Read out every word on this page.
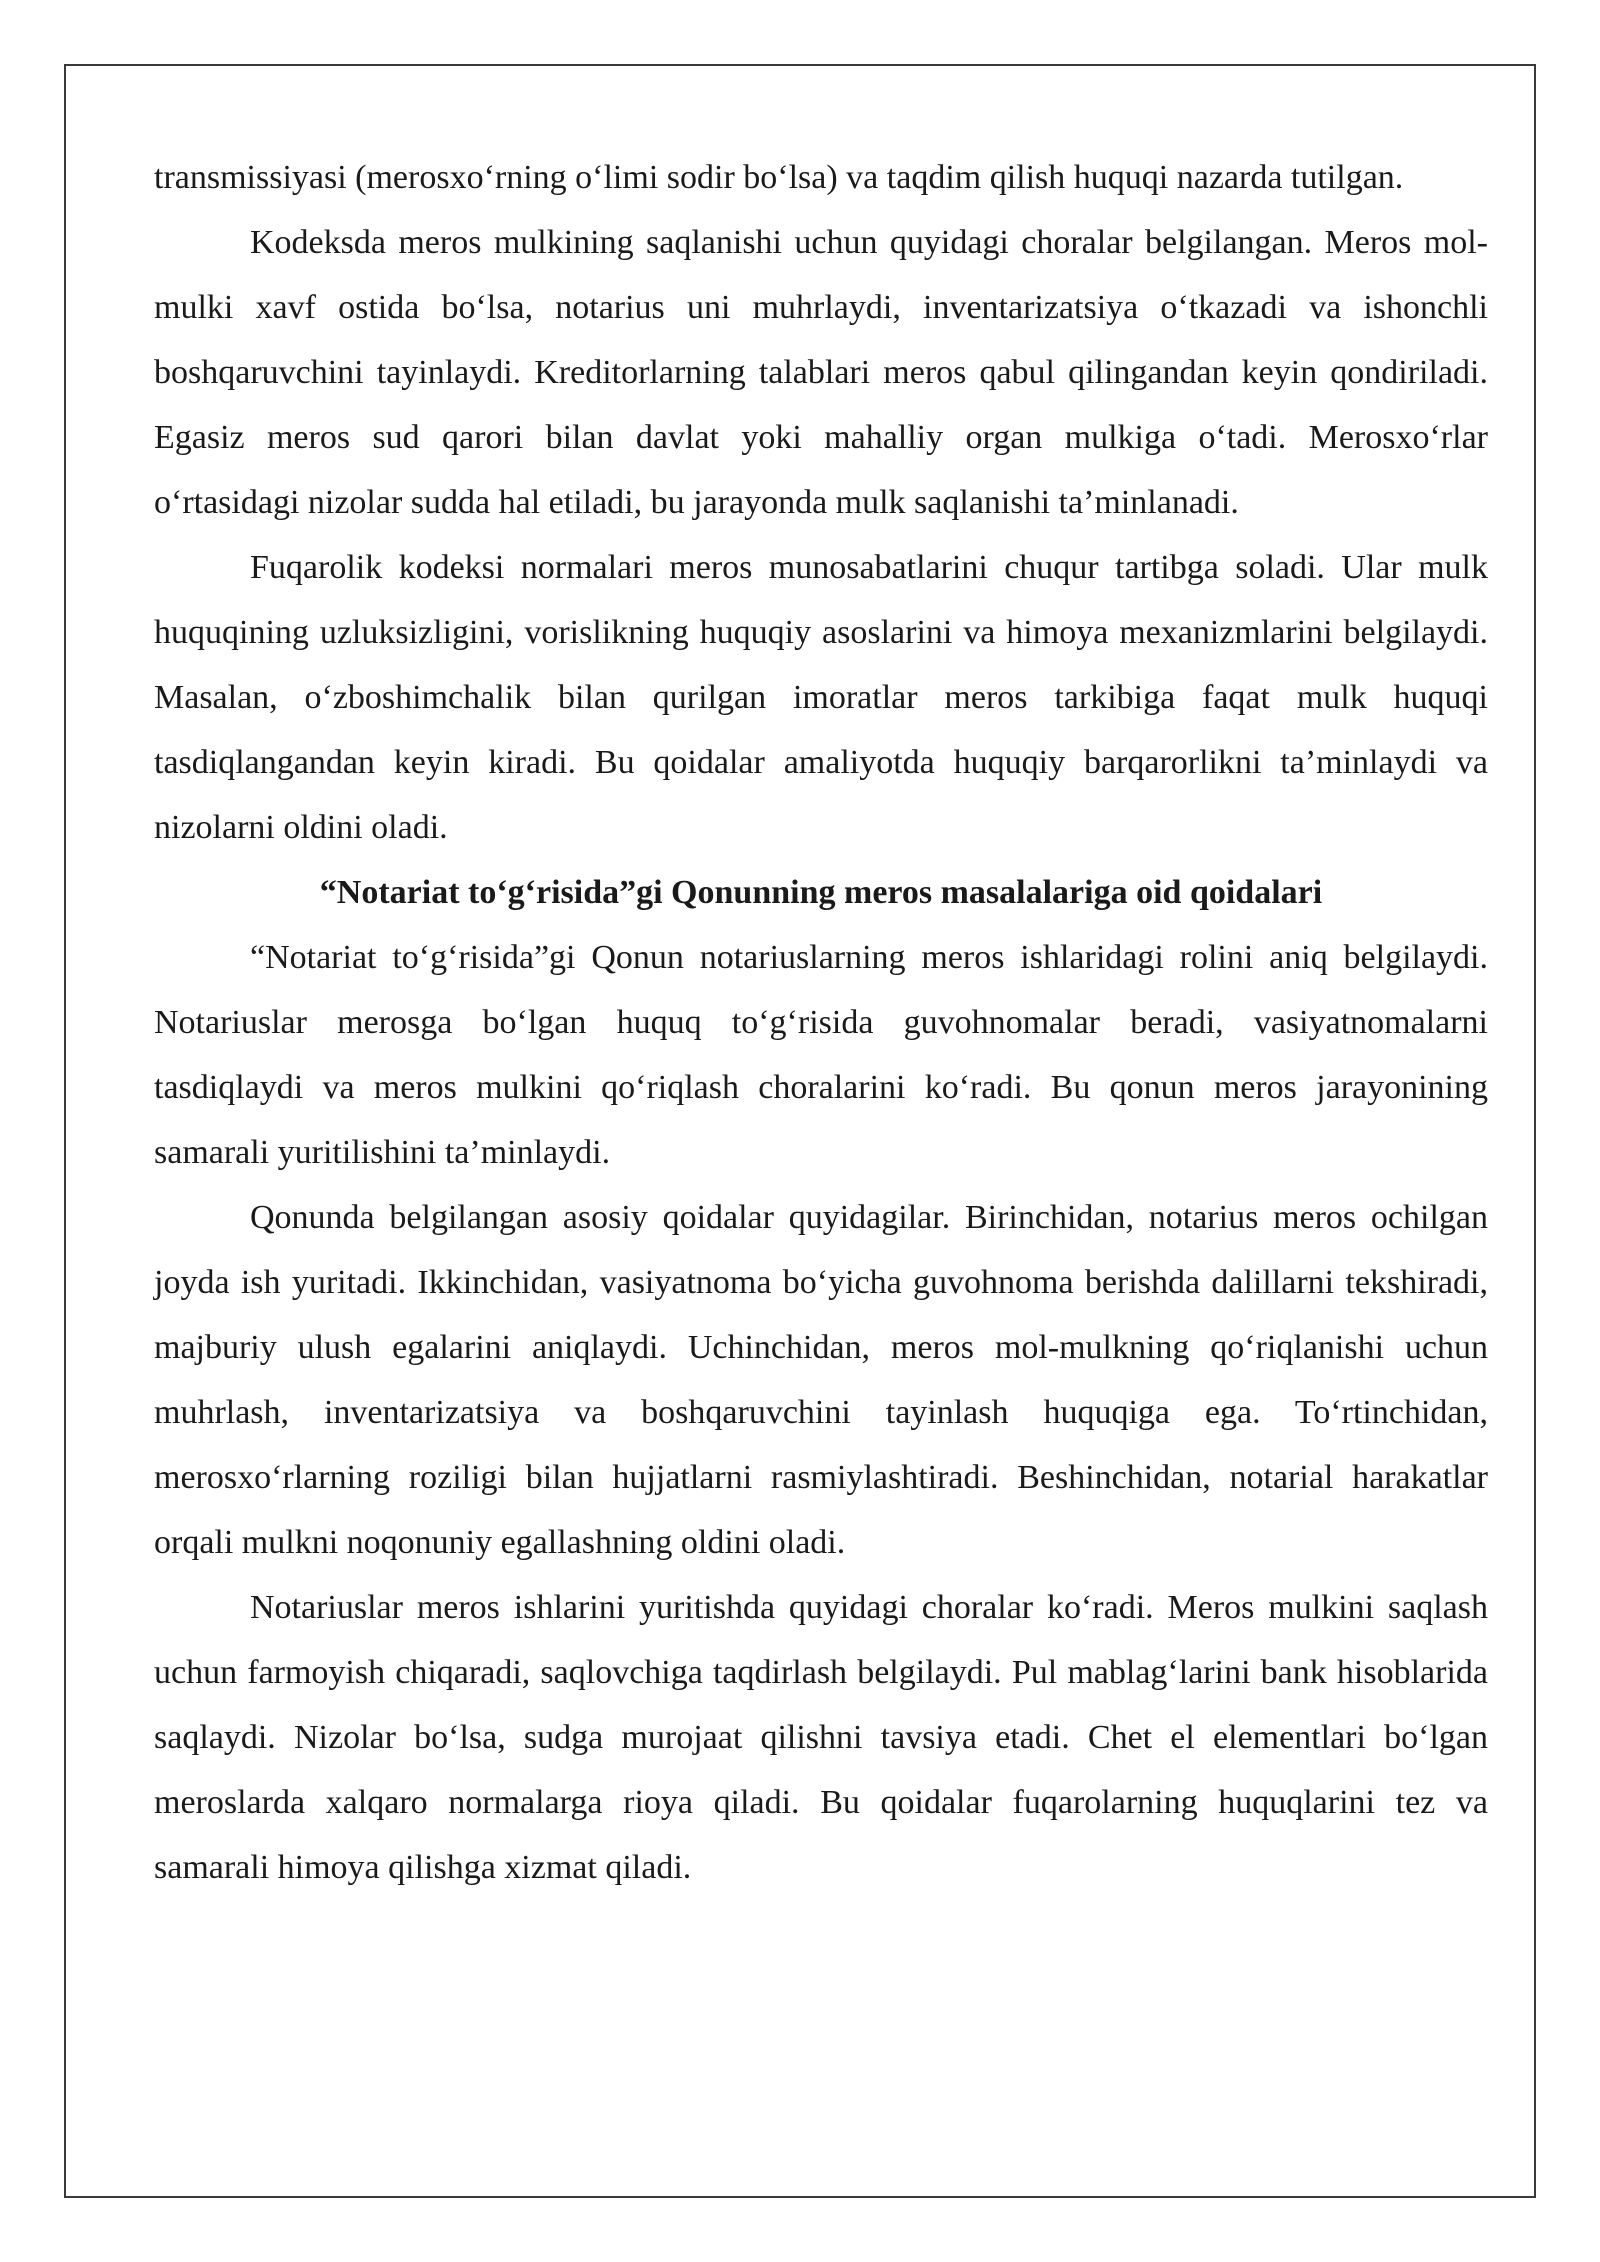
transmissiyasi (merosxo‘rning o‘limi sodir bo‘lsa) va taqdim qilish huquqi nazarda tutilgan.

Kodeksda meros mulkining saqlanishi uchun quyidagi choralar belgilangan. Meros mol-mulki xavf ostida bo‘lsa, notarius uni muhrlaydi, inventarizatsiya o‘tkazadi va ishonchli boshqaruvchini tayinlaydi. Kreditorlarning talablari meros qabul qilingandan keyin qondiriladi. Egasiz meros sud qarori bilan davlat yoki mahalliy organ mulkiga o‘tadi. Merosxo‘rlar o‘rtasidagi nizolar sudda hal etiladi, bu jarayonda mulk saqlanishi ta’minlanadi.

Fuqarolik kodeksi normalari meros munosabatlarini chuqur tartibga soladi. Ular mulk huquqining uzluksizligini, vorislikning huquqiy asoslarini va himoya mexanizmlarini belgilaydi. Masalan, o‘zboshimchalik bilan qurilgan imoratlar meros tarkibiga faqat mulk huquqi tasdiqlangandan keyin kiradi. Bu qoidalar amaliyotda huquqiy barqarorlikni ta’minlaydi va nizolarni oldini oladi.

“Notariat to‘g‘risida”gi Qonunning meros masalalariga oid qoidalari

“Notariat to‘g‘risida”gi Qonun notariuslarning meros ishlaridagi rolini aniq belgilaydi. Notariuslar merosga bo‘lgan huquq to‘g‘risida guvohnomalar beradi, vasiyatnomalarni tasdiqlaydi va meros mulkini qo‘riqlash choralarini ko‘radi. Bu qonun meros jarayonining samarali yuritilishini ta’minlaydi.

Qonunda belgilangan asosiy qoidalar quyidagilar. Birinchidan, notarius meros ochilgan joyda ish yuritadi. Ikkinchidan, vasiyatnoma bo‘yicha guvohnoma berishda dalillarni tekshiradi, majburiy ulush egalarini aniqlaydi. Uchinchidan, meros mol-mulkning qo‘riqlanishi uchun muhrlash, inventarizatsiya va boshqaruvchini tayinlash huquqiga ega. To‘rtinchidan, merosxo‘rlarning roziligi bilan hujjatlarni rasmiylashtiradi. Beshinchidan, notarial harakatlar orqali mulkni noqonuniy egallashning oldini oladi.

Notariuslar meros ishlarini yuritishda quyidagi choralar ko‘radi. Meros mulkini saqlash uchun farmoyish chiqaradi, saqlovchiga taqdirlash belgilaydi. Pul mablag‘larini bank hisoblarida saqlaydi. Nizolar bo‘lsa, sudga murojaat qilishni tavsiya etadi. Chet el elementlari bo‘lgan meroslarda xalqaro normalarga rioya qiladi. Bu qoidalar fuqarolarning huquqlarini tez va samarali himoya qilishga xizmat qiladi.
